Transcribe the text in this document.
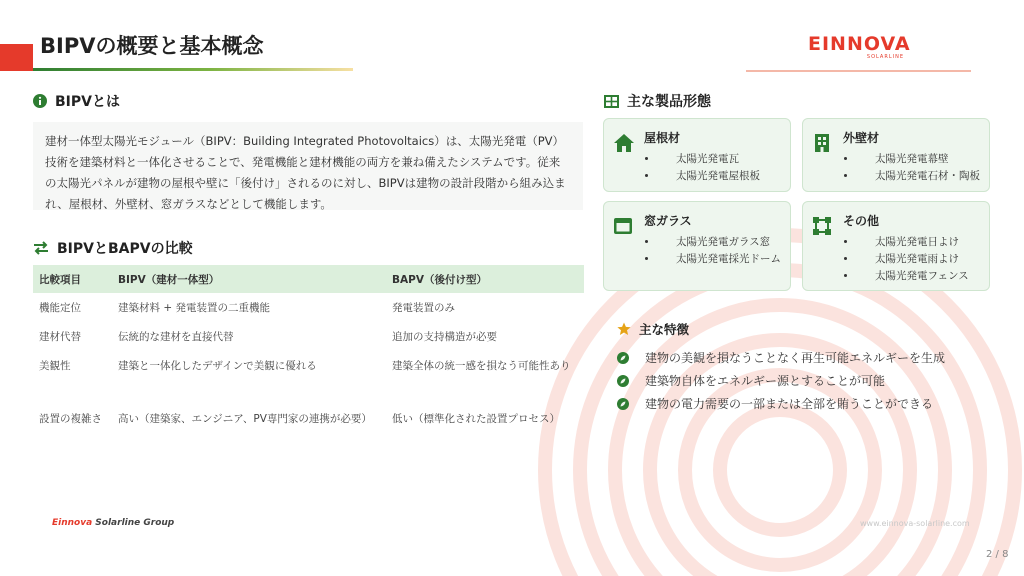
BIPVの概要と基本概念	EINNOVA
SOLARLINE
BIPVとは
建材一体型太陽光モジュール（BIPV：Building Integrated Photovoltaics）は、太陽光発電（PV）技術を建築材料と一体化させることで、発電機能と建材機能の両方を兼ね備えたシステムです。従来の太陽光パネルが建物の屋根や壁に「後付け」されるのに対し、BIPVは建物の設計段階から組み込まれ、屋根材、外壁材、窓ガラスなどとして機能します。
BIPVとBAPVの比較
比較項目	BIPV（建材一体型）	BAPV（後付け型）
機能定位	建築材料 + 発電装置の二重機能	発電装置のみ
建材代替	伝統的な建材を直接代替	追加の支持構造が必要
美観性	建築と一体化したデザインで美観に優れる	建築全体の統一感を損なう可能性あり
設置の複雑さ	高い（建築家、エンジニア、PV専門家の連携が必要）	低い（標準化された設置プロセス）
主な製品形態
屋根材
• 太陽光発電瓦
• 太陽光発電屋根板
外壁材
• 太陽光発電幕壁
• 太陽光発電石材・陶板
窓ガラス
• 太陽光発電ガラス窓
• 太陽光発電採光ドーム
その他
• 太陽光発電日よけ
• 太陽光発電雨よけ
• 太陽光発電フェンス
主な特徴
建物の美観を損なうことなく再生可能エネルギーを生成
建築物自体をエネルギー源とすることが可能
建物の電力需要の一部または全部を賄うことができる
Einnova Solarline Group	www.einnova-solarline.com
2 / 8
